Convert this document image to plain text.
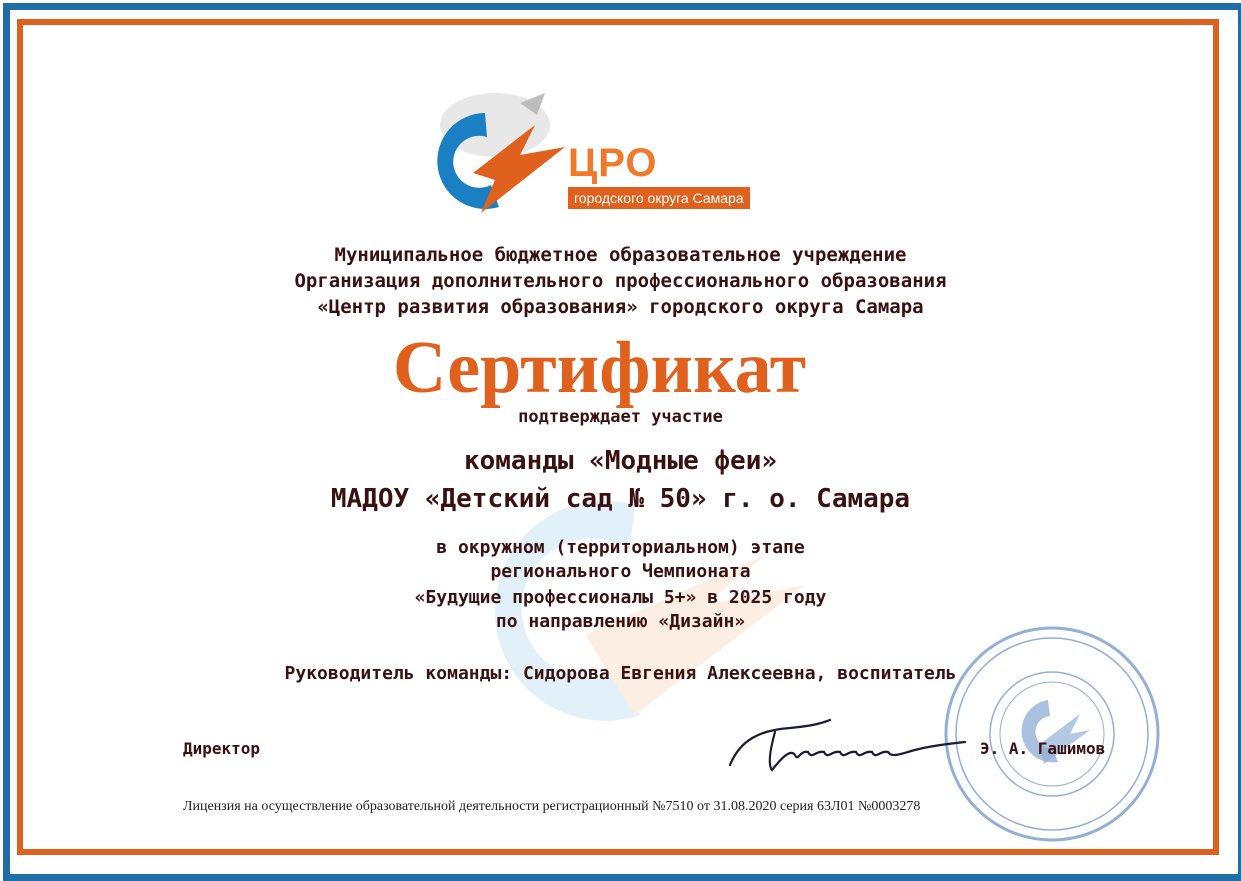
ЦРО
городского округа Самара
Муниципальное бюджетное образовательное учреждение
Организация дополнительного профессионального образования
«Центр развития образования» городского округа Самара
Сертификат
подтверждает участие
команды «Модные феи»
МАДОУ «Детский сад № 50» г. о. Самара
в окружном (территориальном) этапе
регионального Чемпионата
«Будущие профессионалы 5+» в 2025 году
по направлению «Дизайн»
Руководитель команды: Сидорова Евгения Алексеевна, воспитатель
Директор	Э. А. Гашимов
Лицензия на осуществление образовательной деятельности регистрационный №7510 от 31.08.2020 серия 63Л01 №0003278
